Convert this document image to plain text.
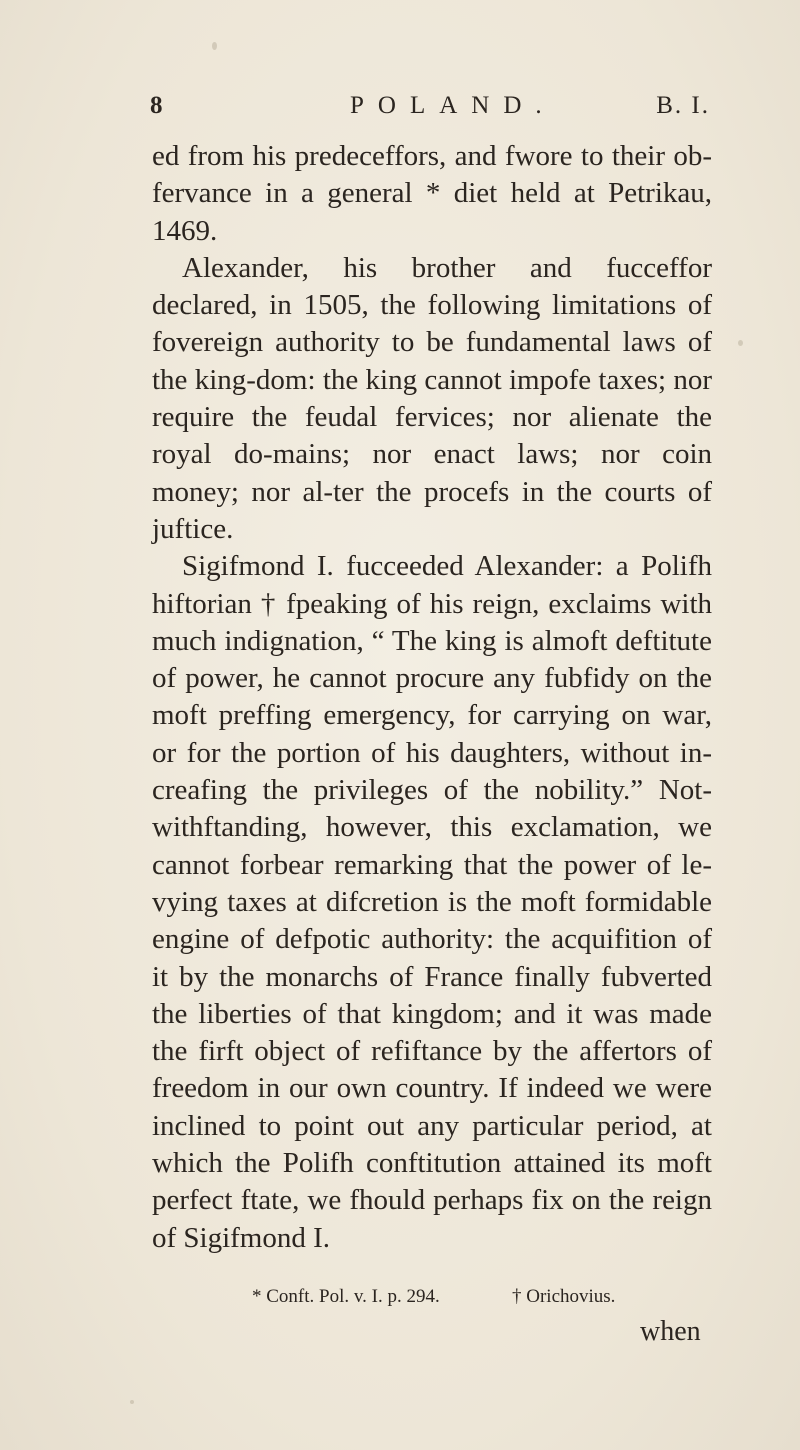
8	POLAND.	B. I.

ed from his predeceffors, and fwore to their ob-fervance in a general * diet held at Petrikau, 1469.

Alexander, his brother and fucceffor declared, in 1505, the following limitations of fovereign authority to be fundamental laws of the king-dom: the king cannot impofe taxes; nor require the feudal fervices; nor alienate the royal do-mains; nor enact laws; nor coin money; nor al-ter the procefs in the courts of juftice.

Sigifmond I. fucceeded Alexander: a Polifh hiftorian † fpeaking of his reign, exclaims with much indignation, “ The king is almoft deftitute of power, he cannot procure any fubfidy on the moft preffing emergency, for carrying on war, or for the portion of his daughters, without in-creafing the privileges of the nobility.” Not-withftanding, however, this exclamation, we cannot forbear remarking that the power of le-vying taxes at difcretion is the moft formidable engine of defpotic authority: the acquifition of it by the monarchs of France finally fubverted the liberties of that kingdom; and it was made the firft object of refiftance by the affertors of freedom in our own country. If indeed we were inclined to point out any particular period, at which the Polifh conftitution attained its moft perfect ftate, we fhould perhaps fix on the reign of Sigifmond I.

* Conft. Pol. v. I. p. 294.	† Orichovius.
when
